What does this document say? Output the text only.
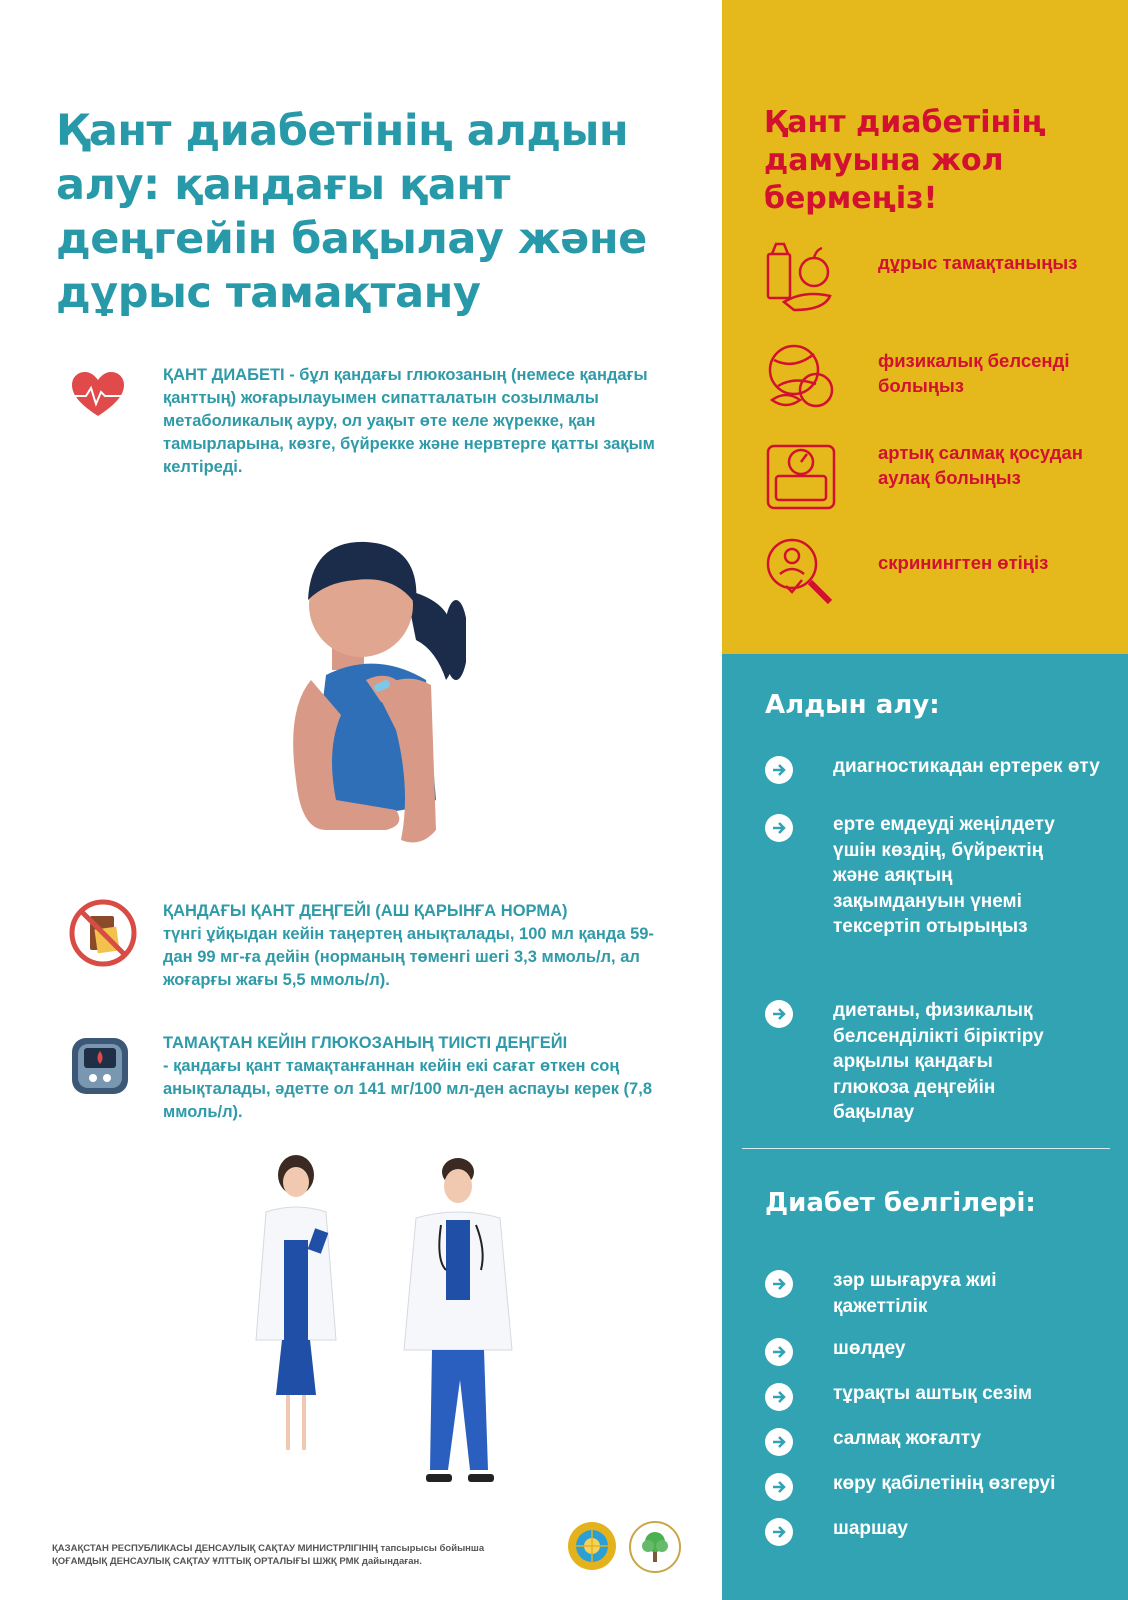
Қант диабетінің алдын алу: қандағы қант деңгейін бақылау және дұрыс тамақтану
ҚАНТ ДИАБЕТІ - бұл қандағы глюкозаның (немесе қандағы қанттың) жоғарылауымен сипатталатын созылмалы метаболикалық ауру, ол уақыт өте келе жүрекке, қан тамырларына, көзге, бүйрекке және нервтерге қатты зақым келтіреді.
ҚАНДАҒЫ ҚАНТ ДЕҢГЕЙІ (АШ ҚАРЫНҒА НОРМА)
түнгі ұйқыдан кейін таңертең анықталады, 100 мл қанда 59-дан 99 мг-ға дейін (норманың төменгі шегі 3,3 ммоль/л, ал жоғарғы жағы 5,5 ммоль/л).
ТАМАҚТАН КЕЙІН ГЛЮКОЗАНЫҢ ТИІСТІ ДЕҢГЕЙІ
- қандағы қант тамақтанғаннан кейін екі сағат өткен соң анықталады, әдетте ол 141 мг/100 мл-ден аспауы керек (7,8 ммоль/л).
Қант диабетінің дамуына жол бермеңіз!
дұрыс тамақтаныңыз
физикалық белсенді болыңыз
артық салмақ қосудан аулақ болыңыз
скринингтен өтіңіз
Алдын алу:
диагностикадан ертерек өту
ерте емдеуді жеңілдету үшін көздің, бүйректің және аяқтың зақымдануын үнемі тексертіп отырыңыз
диетаны, физикалық белсенділікті біріктіру арқылы қандағы глюкоза деңгейін бақылау
Диабет белгілері:
зәр шығаруға жиі қажеттілік
шөлдеу
тұрақты аштық сезім
салмақ жоғалту
көру қабілетінің өзгеруі
шаршау
ҚАЗАҚСТАН РЕСПУБЛИКАСЫ ДЕНСАУЛЫҚ САҚТАУ МИНИСТРЛІГІНІҢ тапсырысы бойынша
ҚОҒАМДЫҚ ДЕНСАУЛЫҚ САҚТАУ ҰЛТТЫҚ ОРТАЛЫҒЫ ШЖҚ РМК дайындаған.
